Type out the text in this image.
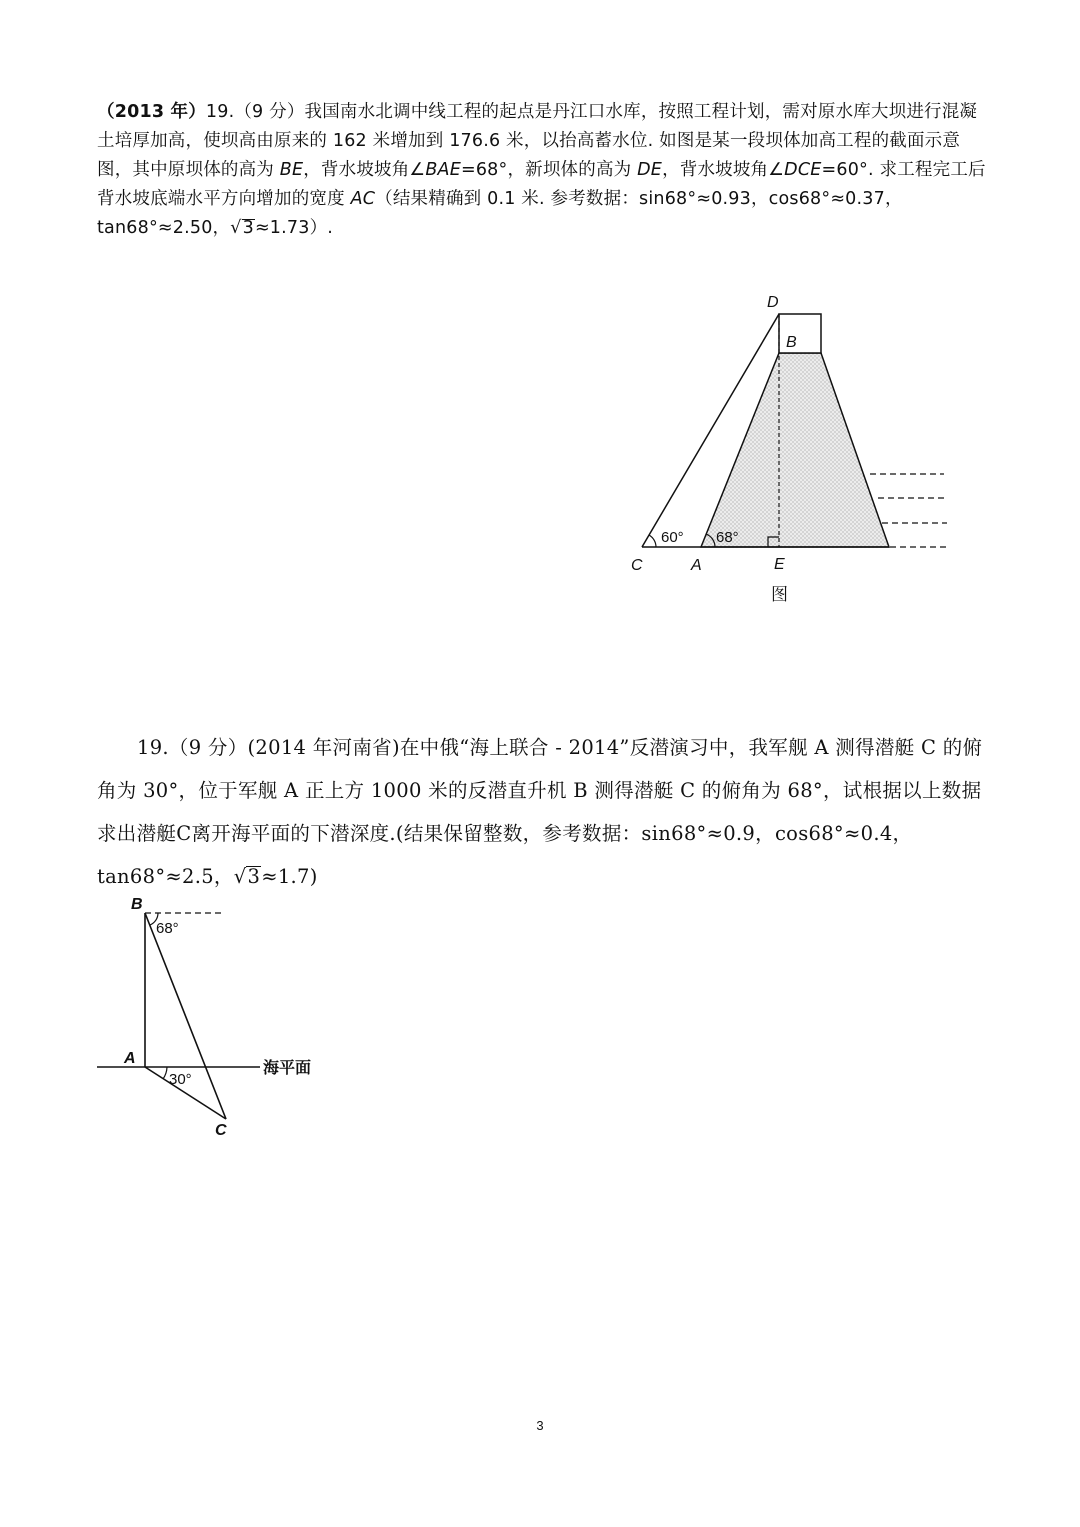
（2013 年）19.（9 分）我国南水北调中线工程的起点是丹江口水库，按照工程计划，需对原水库大坝进行混凝土培厚加高，使坝高由原来的 162 米增加到 176.6 米，以抬高蓄水位. 如图是某一段坝体加高工程的截面示意图，其中原坝体的高为 BE，背水坡坡角∠BAE=68°，新坝体的高为 DE，背水坡坡角∠DCE=60°. 求工程完工后背水坡底端水平方向增加的宽度 AC（结果精确到 0.1 米. 参考数据：sin68°≈0.93，cos68°≈0.37，tan68°≈2.50，√3≈1.73）.
D
B
C	A	E
60° 68°
图
19.（9 分）(2014 年河南省)在中俄“海上联合 - 2014”反潜演习中，我军舰 A 测得潜艇 C 的俯角为 30°，位于军舰 A 正上方 1000 米的反潜直升机 B 测得潜艇 C 的俯角为 68°，试根据以上数据求出潜艇C离开海平面的下潜深度.(结果保留整数，参考数据：sin68°≈0.9，cos68°≈0.4，tan68°≈2.5，√3≈1.7)
B
A
C
68°
30°
海平面
3
